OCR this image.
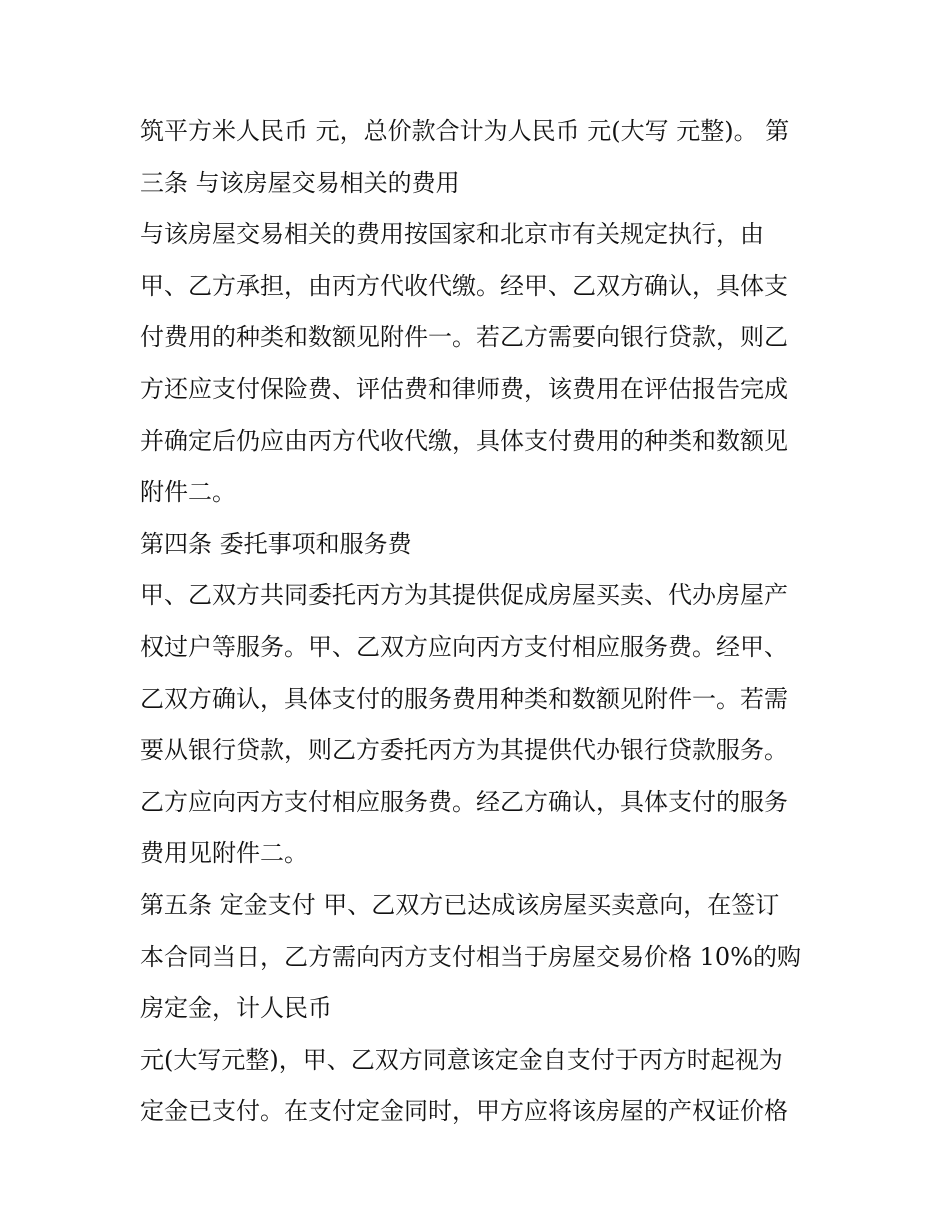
筑平方米人民币 元，总价款合计为人民币 元(大写 元整)。 第
三条 与该房屋交易相关的费用
与该房屋交易相关的费用按国家和北京市有关规定执行，由
甲、乙方承担，由丙方代收代缴。经甲、乙双方确认，具体支
付费用的种类和数额见附件一。若乙方需要向银行贷款，则乙
方还应支付保险费、评估费和律师费，该费用在评估报告完成
并确定后仍应由丙方代收代缴，具体支付费用的种类和数额见
附件二。
第四条 委托事项和服务费
甲、乙双方共同委托丙方为其提供促成房屋买卖、代办房屋产
权过户等服务。甲、乙双方应向丙方支付相应服务费。经甲、
乙双方确认，具体支付的服务费用种类和数额见附件一。若需
要从银行贷款，则乙方委托丙方为其提供代办银行贷款服务。
乙方应向丙方支付相应服务费。经乙方确认，具体支付的服务
费用见附件二。
第五条 定金支付 甲、乙双方已达成该房屋买卖意向，在签订
本合同当日，乙方需向丙方支付相当于房屋交易价格 10%的购
房定金，计人民币
元(大写元整)，甲、乙双方同意该定金自支付于丙方时起视为
定金已支付。在支付定金同时，甲方应将该房屋的产权证价格
